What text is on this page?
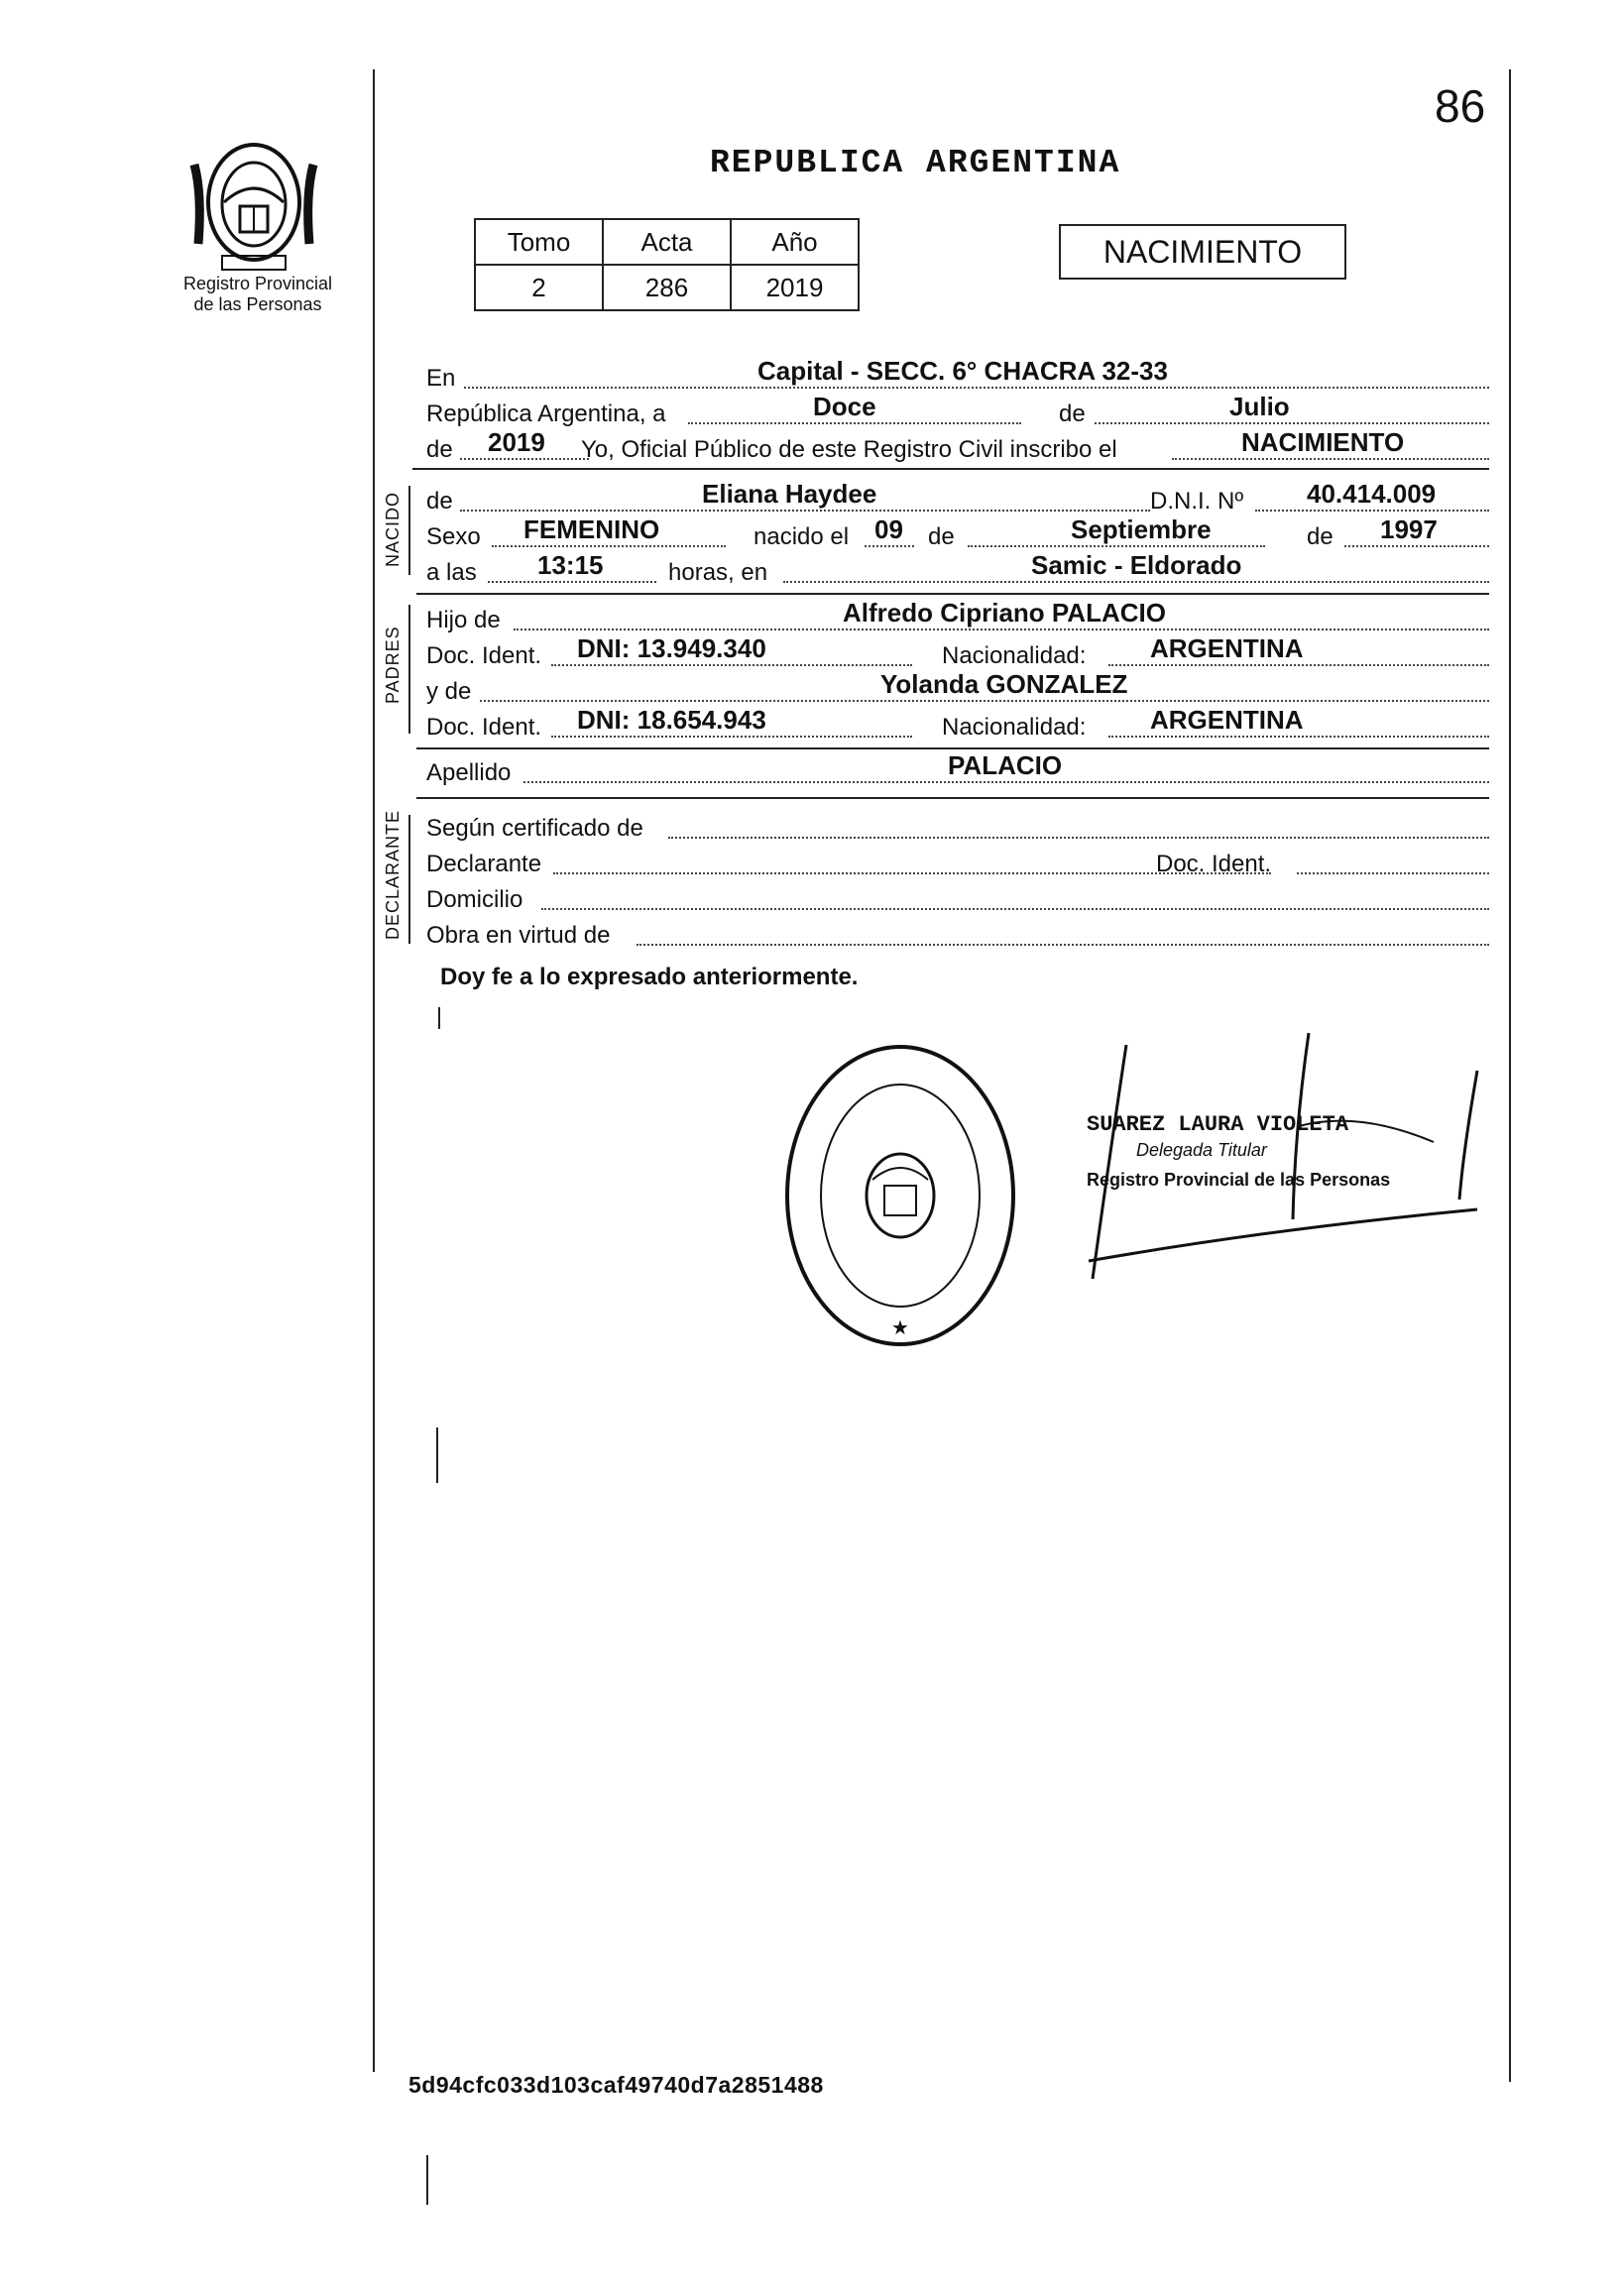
86
Registro Provincial
de las Personas
REPUBLICA ARGENTINA
Tomo	Acta	Año
2	286	2019
NACIMIENTO
En	Capital - SECC. 6° CHACRA 32-33
República Argentina, a	Doce	de	Julio
de 2019 Yo, Oficial Público de este Registro Civil inscribo el	NACIMIENTO
NACIDO de	Eliana Haydee	D.N.I. Nº 40.414.009
Sexo FEMENINO	nacido el 09 de	Septiembre	de 1997
a las 13:15	horas, en	Samic - Eldorado
PADRES
Hijo de	Alfredo Cipriano PALACIO
Doc. Ident. DNI: 13.949.340	Nacionalidad: ARGENTINA
y de	Yolanda GONZALEZ
Doc. Ident. DNI: 18.654.943	Nacionalidad: ARGENTINA
Apellido	PALACIO
DECLARANTE Según certificado de
Declarante	Doc. Ident.
Domicilio
Obra en virtud de
Doy fe a lo expresado anteriormente.
★
SUAREZ LAURA VIOLETA
Delegada Titular
Registro Provincial de las Personas
5d94cfc033d103caf49740d7a2851488
